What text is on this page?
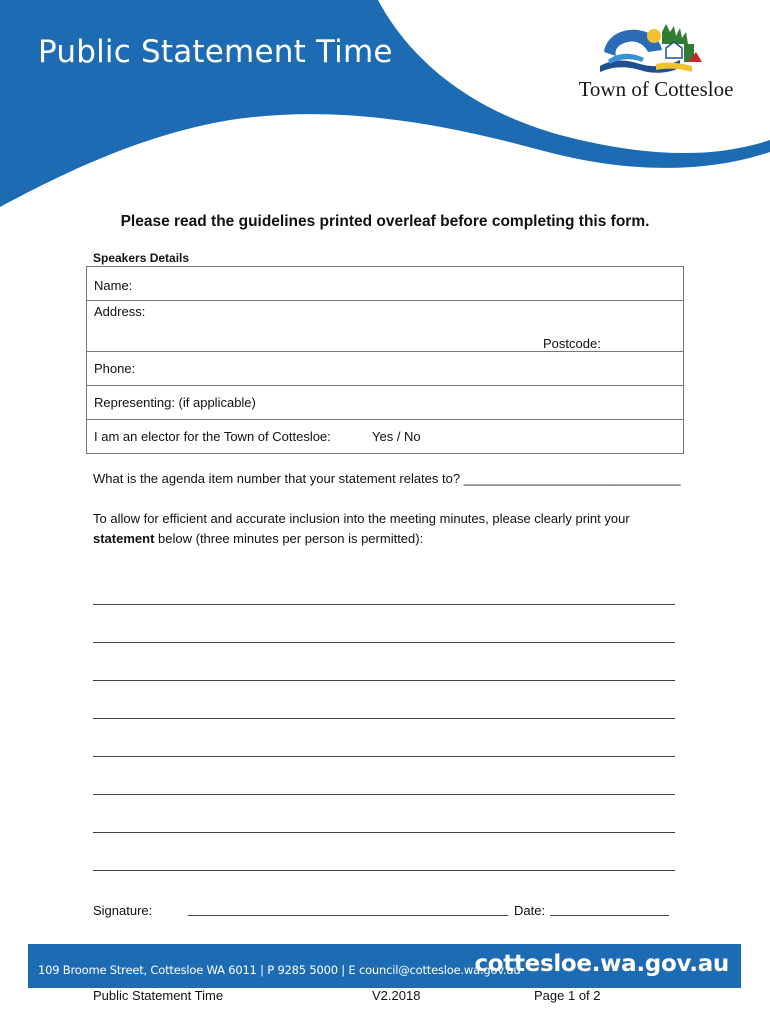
Public Statement Time
Town of Cottesloe
Please read the guidelines printed overleaf before completing this form.
Speakers Details
Name:
Address:
Postcode:
Phone:
Representing: (if applicable)
I am an elector for the Town of Cottesloe:	Yes / No
What is the agenda item number that your statement relates to? ______________________________
To allow for efficient and accurate inclusion into the meeting minutes, please clearly print your
statement below (three minutes per person is permitted):
Signature:	Date:
109 Broome Street, Cottesloe WA 6011 | P 9285 5000 | E council@cottesloe.wa.gov.au
cottesloe.wa.gov.au
Public Statement Time	V2.2018	Page 1 of 2
